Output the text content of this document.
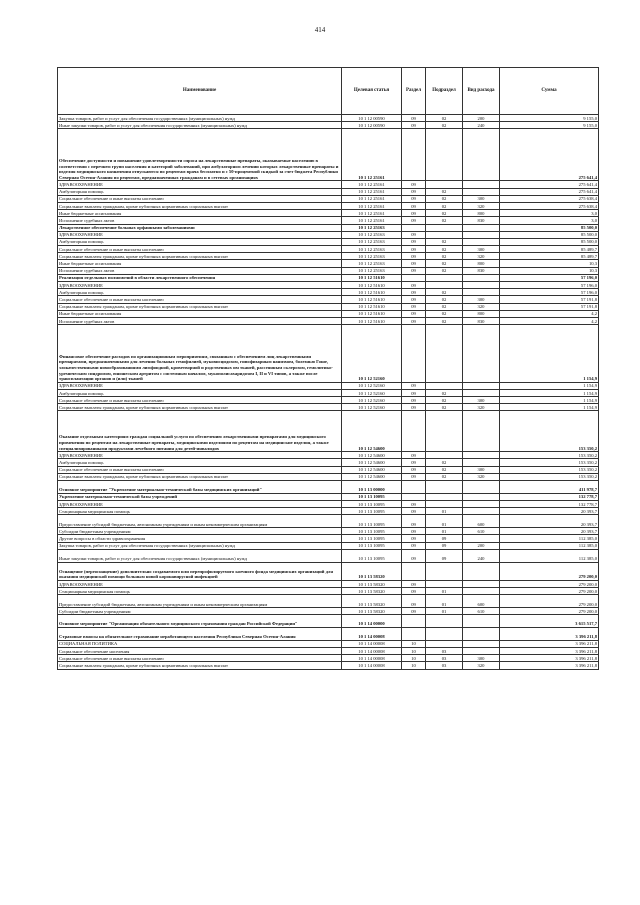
414
Наименование	Целевая статья	Раздел	Подраздел	Вид расхода	Сумма
Закупка товаров, работ и услуг для обеспечения государственных (муниципальных) нужд	10 1 12 00590	09	02	200	9 155,0
Иные закупки товаров, работ и услуг для обеспечения государственных (муниципальных) нужд	10 1 12 00590	09	02	240	9 155,0
Обеспечение доступности и повышение удовлетворенности спроса на лекарственные препараты, оказываемые населению в соответствии с перечнем групп населения и категорий заболеваний, при амбулаторном лечении которых лекарственные препараты и изделия медицинского назначения отпускаются по рецептам врача бесплатно и с 50-процентной скидкой за счет бюджета Республики Северная Осетия-Алания по рецептам, предназначенных гражданам и в сетевых организациях	10 1 12 25161				275 641,4
ЗДРАВООХРАНЕНИЕ	10 1 12 25161	09			275 641,4
Амбулаторная помощь	10 1 12 25161	09	02		275 641,4
Социальное обеспечение и иные выплаты населению	10 1 12 25161	09	02	300	275 638,4
Социальные выплаты гражданам, кроме публичных нормативных социальных выплат	10 1 12 25161	09	02	320	275 638,4
Иные бюджетные ассигнования	10 1 12 25161	09	02	800	3,0
Исполнение судебных актов	10 1 12 25161	09	02	830	3,0
Лекарственное обеспечение больных орфанными заболеваниями	10 1 12 25163				85 500,0
ЗДРАВООХРАНЕНИЕ	10 1 12 25163	09			85 500,0
Амбулаторная помощь	10 1 12 25163	09	02		85 500,0
Социальное обеспечение и иные выплаты населению	10 1 12 25163	09	02	300	85 489,7
Социальные выплаты гражданам, кроме публичных нормативных социальных выплат	10 1 12 25163	09	02	320	85 489,7
Иные бюджетные ассигнования	10 1 12 25163	09	02	800	10,3
Исполнение судебных актов	10 1 12 25163	09	02	830	10,3
Реализация отдельных полномочий в области лекарственного обеспечения	10 1 12 51610				57 196,0
ЗДРАВООХРАНЕНИЕ	10 1 12 51610	09			57 196,0
Амбулаторная помощь	10 1 12 51610	09	02		57 196,0
Социальное обеспечение и иные выплаты населению	10 1 12 51610	09	02	300	57 191,8
Социальные выплаты гражданам, кроме публичных нормативных социальных выплат	10 1 12 51610	09	02	320	57 191,8
Иные бюджетные ассигнования	10 1 12 51610	09	02	800	4,2
Исполнение судебных актов	10 1 12 51610	09	02	830	4,2
Финансовое обеспечение расходов по организационным мероприятиям, связанным с обеспечением лиц лекарственными препаратами, предназначенными для лечения больных гемофилией, муковисцидозом, гипофизарным нанизмом, болезнью Гоше, злокачественными новообразованиями лимфоидной, кроветворной и родственных им тканей, рассеянным склерозом, гемолитико-уремическим синдромом, юношеским артритом с системным началом, мукополисахаридозом I, II и VI типов, а также после трансплантации органов и (или) тканей	10 1 12 52160				1 154,9
ЗДРАВООХРАНЕНИЕ	10 1 12 52160	09			1 154,9
Амбулаторная помощь	10 1 12 52160	09	02		1 154,9
Социальное обеспечение и иные выплаты населению	10 1 12 52160	09	02	300	1 154,9
Социальные выплаты гражданам, кроме публичных нормативных социальных выплат	10 1 12 52160	09	02	320	1 154,9
Оказание отдельным категориям граждан социальной услуги по обеспечению лекарственными препаратами для медицинского применения по рецептам на лекарственные препараты, медицинскими изделиями по рецептам на медицинские изделия, а также специализированными продуктами лечебного питания для детей-инвалидов	10 1 12 54600				153 350,2
ЗДРАВООХРАНЕНИЕ	10 1 12 54600	09			153 350,2
Амбулаторная помощь	10 1 12 54600	09	02		153 350,2
Социальное обеспечение и иные выплаты населению	10 1 12 54600	09	02	300	153 350,2
Социальные выплаты гражданам, кроме публичных нормативных социальных выплат	10 1 12 54600	09	02	320	153 350,2
Основное мероприятие "Укрепление материально-технической базы медицинских организаций"	10 1 13 00000				411 978,7
Укрепление материально-технической базы учреждений	10 1 13 10095				132 778,7
ЗДРАВООХРАНЕНИЕ	10 1 13 10095	09			132 778,7
Стационарная медицинская помощь	10 1 13 10095	09	01		20 393,7
Предоставление субсидий бюджетным, автономным учреждениям и иным некоммерческим организациям	10 1 13 10095	09	01	600	20 393,7
Субсидии бюджетным учреждениям	10 1 13 10095	09	01	610	20 393,7
Другие вопросы в области здравоохранения	10 1 13 10095	09	09		112 385,0
Закупка товаров, работ и услуг для обеспечения государственных (муниципальных) нужд	10 1 13 10095	09	09	200	112 385,0
Иные закупки товаров, работ и услуг для обеспечения государственных (муниципальных) нужд	10 1 13 10095	09	09	240	112 385,0
Оснащение (переоснащение) дополнительно создаваемого или перепрофилируемого коечного фонда медицинских организаций для оказания медицинской помощи больным новой коронавирусной инфекцией	10 1 13 58320				279 200,0
ЗДРАВООХРАНЕНИЕ	10 1 13 58320	09			279 200,0
Стационарная медицинская помощь	10 1 13 58320	09	01		279 200,0
Предоставление субсидий бюджетным, автономным учреждениям и иным некоммерческим организациям	10 1 13 58320	09	01	600	279 200,0
Субсидии бюджетным учреждениям	10 1 13 58320	09	01	610	279 200,0
Основное мероприятие "Организация обязательного медицинского страхования граждан Российской Федерации"	10 1 14 00000				3 615 517,7
Страховые взносы на обязательное страхование неработающего населения Республики Северная Осетия-Алания	10 1 14 00008				3 396 211,8
СОЦИАЛЬНАЯ ПОЛИТИКА	10 1 14 00008	10			3 396 211,8
Социальное обеспечение населения	10 1 14 00008	10	03		3 396 211,8
Социальное обеспечение и иные выплаты населению	10 1 14 00008	10	03	300	3 396 211,8
Социальные выплаты гражданам, кроме публичных нормативных социальных выплат	10 1 14 00008	10	03	320	3 396 211,8
